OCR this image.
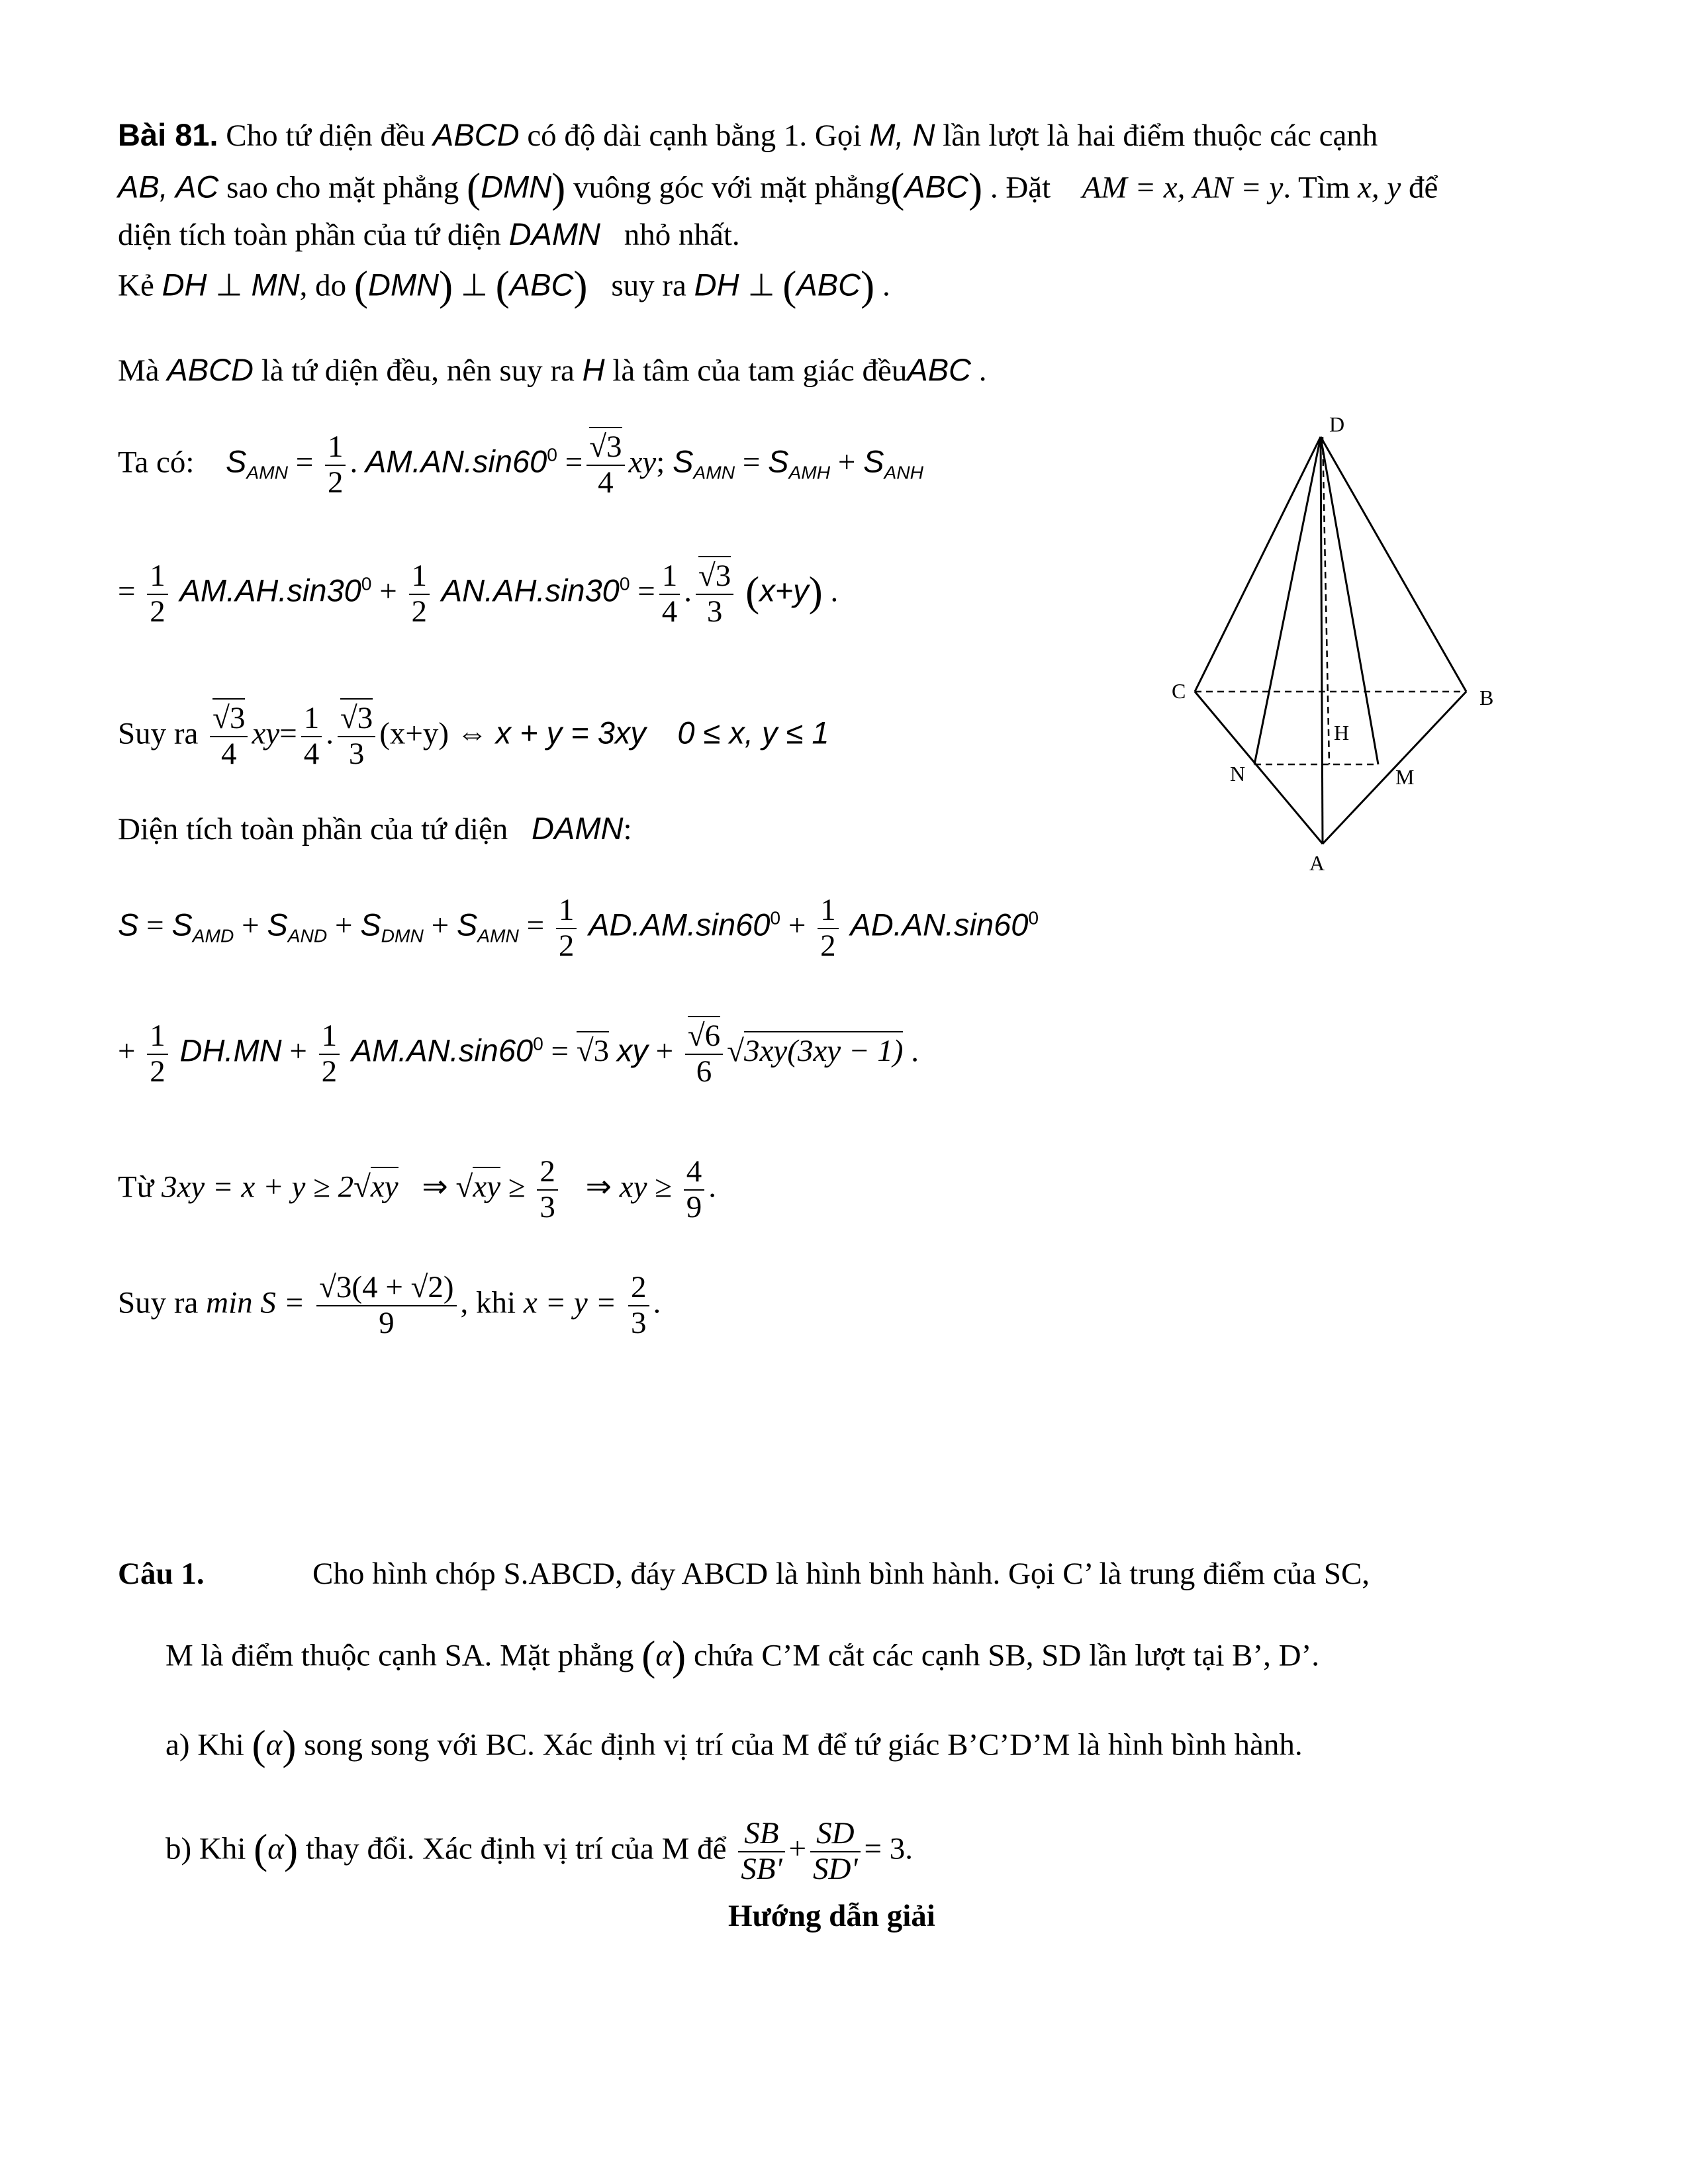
Bài 81. Cho tứ diện đều ABCD có độ dài cạnh bằng 1. Gọi M, N lần lượt là hai điểm thuộc các cạnh
AB, AC sao cho mặt phẳng (DMN) vuông góc với mặt phẳng(ABC) . Đặt AM = x, AN = y. Tìm x, y để
diện tích toàn phần của tứ diện DAMN nhỏ nhất.
Kẻ DH ⊥ MN, do (DMN) ⊥ (ABC) suy ra DH ⊥ (ABC) .
Mà ABCD là tứ diện đều, nên suy ra H là tâm của tam giác đềuABC .
Ta có: $S_{AMN} = \frac{1}{2}$ . $AM.AN.\sin 60^0 = \frac{√3}{4}$ xy; $S_{AMN} = S_{AMH} + S_{ANH}$
= $\frac{1}{2} AM.AH.\sin 30^0 + \frac{1}{2} AN.AH.\sin 30^0 = \frac{1}{4}$ . $\frac{√3}{3} (x+y)$ .
Suy ra $\frac{√3}{4} xy= \frac{1}{4}$ . $\frac{√3}{3} (x+y)$ ⇔ x + y = 3xy 0 ≤ x, y ≤ 1
Diện tích toàn phần của tứ diện DAMN:
$S = S_{AMD} + S_{AND} + S_{DMN} + S_{AMN} = \frac{1}{2} AD.AM.\sin 60^0 + \frac{1}{2} AD.AN.\sin 60^0$
+ $\frac{1}{2} DH.MN + \frac{1}{2} AM.AN.\sin 60^0 = √3$ xy + $\frac{√6}{6} √3xy(3xy - 1)$ .
Từ 3xy = x + y ≥ 2√xy ⇒ $√xy \ge \frac{2}{3}$ ⇒ xy ≥ $\frac{4}{9}$ .
Suy ra $\min S = \frac{√3(4 + √2)}{9}$ , khi $x = y = \frac{2}{3}$ .
Câu 1.	Cho hình chóp S.ABCD, đáy ABCD là hình bình hành. Gọi C’ là trung điểm của SC,
M là điểm thuộc cạnh SA. Mặt phẳng (α) chứa C’M cắt các cạnh SB, SD lần lượt tại B’, D’.
a) Khi (α) song song với BC. Xác định vị trí của M để tứ giác B’C’D’M là hình bình hành.
b) Khi (α) thay đổi. Xác định vị trí của M để $\frac{SB}{SB'} + \frac{SD}{SD'} = 3$.
Hướng dẫn giải
D
C	B
H
N	M
A
